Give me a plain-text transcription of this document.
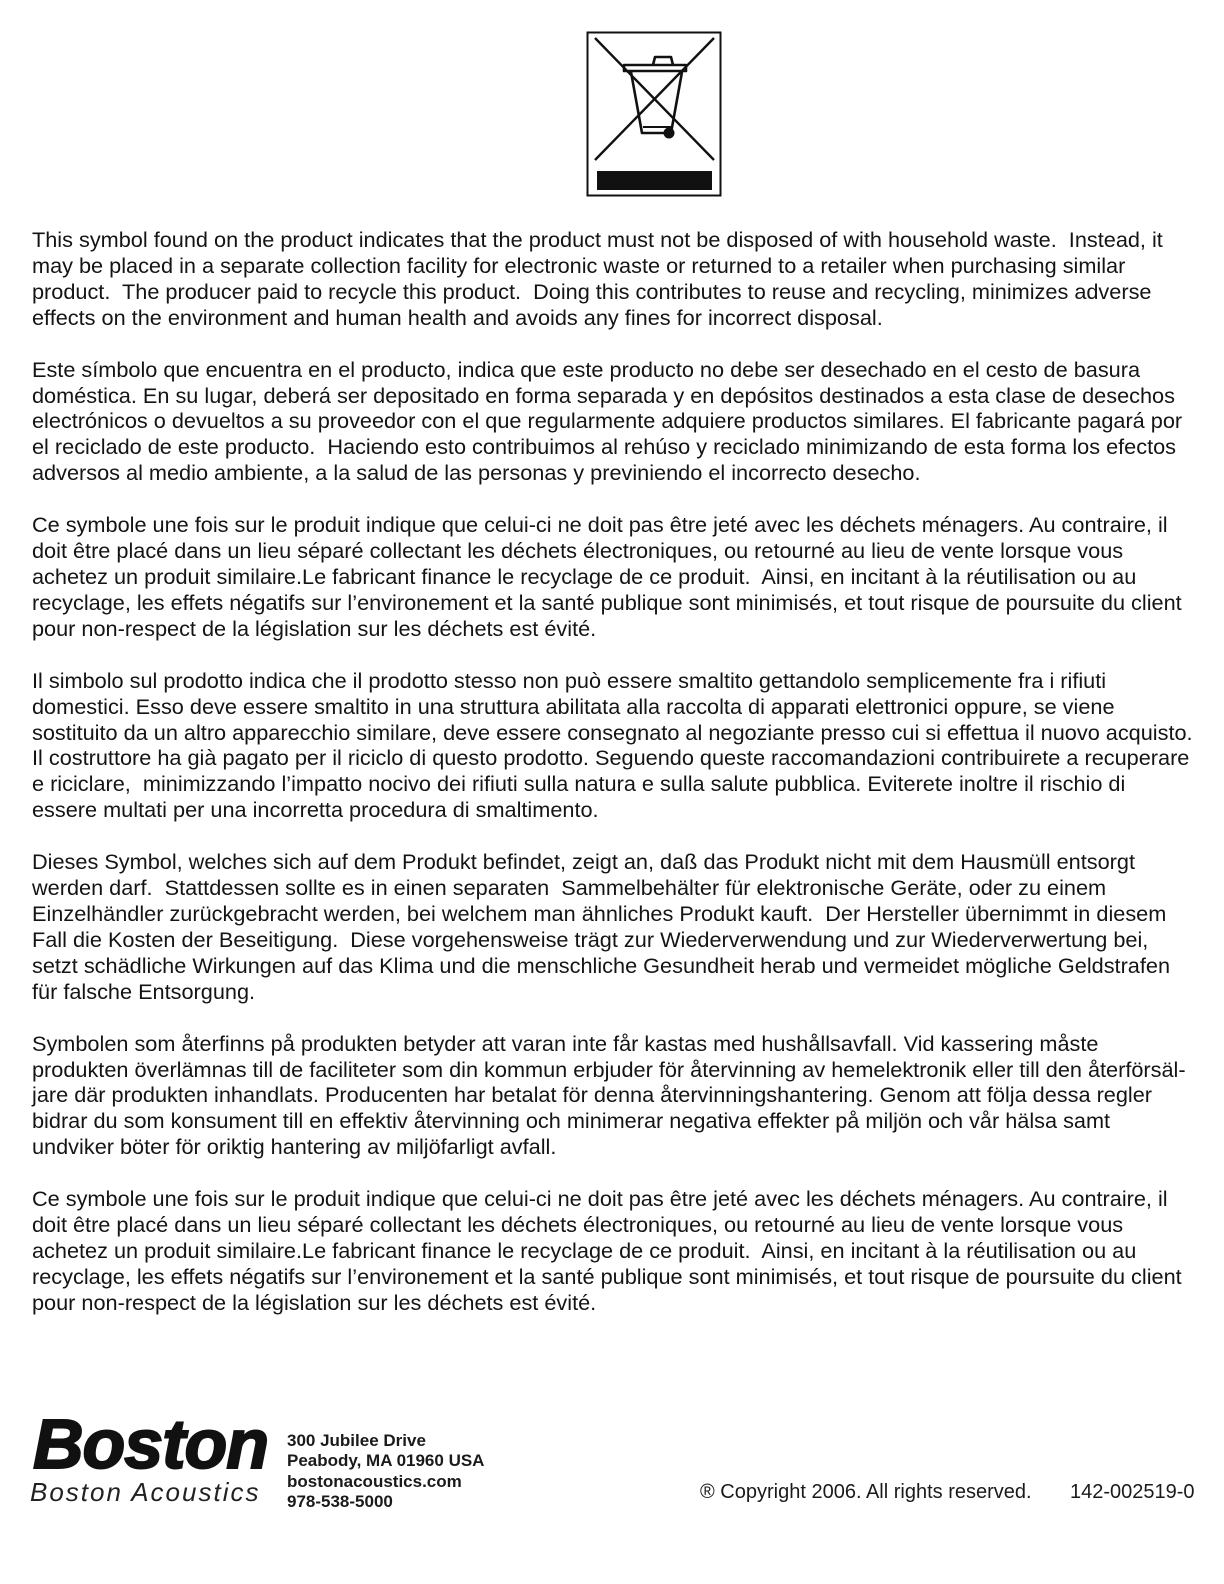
This symbol found on the product indicates that the product must not be disposed of with household waste.  Instead, it
may be placed in a separate collection facility for electronic waste or returned to a retailer when purchasing similar
product.  The producer paid to recycle this product.  Doing this contributes to reuse and recycling, minimizes adverse
effects on the environment and human health and avoids any fines for incorrect disposal.
Este símbolo que encuentra en el producto, indica que este producto no debe ser desechado en el cesto de basura
doméstica. En su lugar, deberá ser depositado en forma separada y en depósitos destinados a esta clase de desechos
electrónicos o devueltos a su proveedor con el que regularmente adquiere productos similares. El fabricante pagará por
el reciclado de este producto.  Haciendo esto contribuimos al rehúso y reciclado minimizando de esta forma los efectos
adversos al medio ambiente, a la salud de las personas y previniendo el incorrecto desecho.
Ce symbole une fois sur le produit indique que celui-ci ne doit pas être jeté avec les déchets ménagers. Au contraire, il
doit être placé dans un lieu séparé collectant les déchets électroniques, ou retourné au lieu de vente lorsque vous
achetez un produit similaire.Le fabricant finance le recyclage de ce produit.  Ainsi, en incitant à la réutilisation ou au
recyclage, les effets négatifs sur l’environement et la santé publique sont minimisés, et tout risque de poursuite du client
pour non-respect de la législation sur les déchets est évité.
Il simbolo sul prodotto indica che il prodotto stesso non può essere smaltito gettandolo semplicemente fra i rifiuti
domestici. Esso deve essere smaltito in una struttura abilitata alla raccolta di apparati elettronici oppure, se viene
sostituito da un altro apparecchio similare, deve essere consegnato al negoziante presso cui si effettua il nuovo acquisto.
Il costruttore ha già pagato per il riciclo di questo prodotto. Seguendo queste raccomandazioni contribuirete a recuperare
e riciclare,  minimizzando l’impatto nocivo dei rifiuti sulla natura e sulla salute pubblica. Eviterete inoltre il rischio di
essere multati per una incorretta procedura di smaltimento.
Dieses Symbol, welches sich auf dem Produkt befindet, zeigt an, daß das Produkt nicht mit dem Hausmüll entsorgt
werden darf.  Stattdessen sollte es in einen separaten  Sammelbehälter für elektronische Geräte, oder zu einem
Einzelhändler zurückgebracht werden, bei welchem man ähnliches Produkt kauft.  Der Hersteller übernimmt in diesem
Fall die Kosten der Beseitigung.  Diese vorgehensweise trägt zur Wiederverwendung und zur Wiederverwertung bei,
setzt schädliche Wirkungen auf das Klima und die menschliche Gesundheit herab und vermeidet mögliche Geldstrafen
für falsche Entsorgung.
Symbolen som återfinns på produkten betyder att varan inte får kastas med hushållsavfall. Vid kassering måste
produkten överlämnas till de faciliteter som din kommun erbjuder för återvinning av hemelektronik eller till den återförsäl-
jare där produkten inhandlats. Producenten har betalat för denna återvinningshantering. Genom att följa dessa regler
bidrar du som konsument till en effektiv återvinning och minimerar negativa effekter på miljön och vår hälsa samt
undviker böter för oriktig hantering av miljöfarligt avfall.
Ce symbole une fois sur le produit indique que celui-ci ne doit pas être jeté avec les déchets ménagers. Au contraire, il
doit être placé dans un lieu séparé collectant les déchets électroniques, ou retourné au lieu de vente lorsque vous
achetez un produit similaire.Le fabricant finance le recyclage de ce produit.  Ainsi, en incitant à la réutilisation ou au
recyclage, les effets négatifs sur l’environement et la santé publique sont minimisés, et tout risque de poursuite du client
pour non-respect de la législation sur les déchets est évité.
Boston
Boston Acoustics
300 Jubilee Drive
Peabody, MA 01960 USA
bostonacoustics.com
978-538-5000	® Copyright 2006. All rights reserved. 142-002519-0
